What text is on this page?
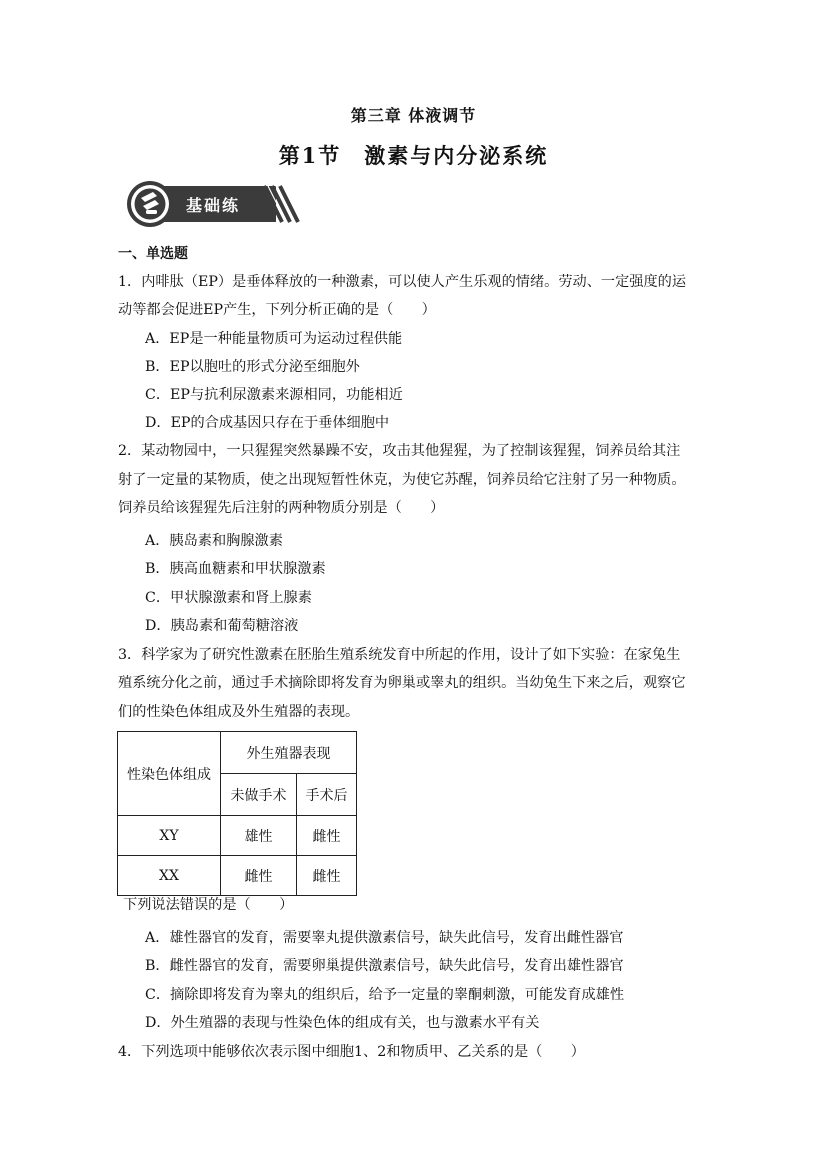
第三章 体液调节
第1节　激素与内分泌系统
基础练
一、单选题
1．内啡肽（EP）是垂体释放的一种激素，可以使人产生乐观的情绪。劳动、一定强度的运
动等都会促进EP产生，下列分析正确的是（　　）
A．EP是一种能量物质可为运动过程供能
B．EP以胞吐的形式分泌至细胞外
C．EP与抗利尿激素来源相同，功能相近
D．EP的合成基因只存在于垂体细胞中
2．某动物园中，一只猩猩突然暴躁不安，攻击其他猩猩，为了控制该猩猩，饲养员给其注
射了一定量的某物质，使之出现短暂性休克，为使它苏醒，饲养员给它注射了另一种物质。
饲养员给该猩猩先后注射的两种物质分别是（　　）
A．胰岛素和胸腺激素
B．胰高血糖素和甲状腺激素
C．甲状腺激素和肾上腺素
D．胰岛素和葡萄糖溶液
3．科学家为了研究性激素在胚胎生殖系统发育中所起的作用，设计了如下实验：在家兔生
殖系统分化之前，通过手术摘除即将发育为卵巢或睾丸的组织。当幼兔生下来之后，观察它
们的性染色体组成及外生殖器的表现。
性染色体组成	外生殖器表现	
	未做手术	手术后
XY	雄性	雌性
XX	雌性	雌性
下列说法错误的是（　　）
A．雄性器官的发育，需要睾丸提供激素信号，缺失此信号，发育出雌性器官
B．雌性器官的发育，需要卵巢提供激素信号，缺失此信号，发育出雄性器官
C．摘除即将发育为睾丸的组织后，给予一定量的睾酮刺激，可能发育成雄性
D．外生殖器的表现与性染色体的组成有关，也与激素水平有关
4．下列选项中能够依次表示图中细胞1、2和物质甲、乙关系的是（　　）
